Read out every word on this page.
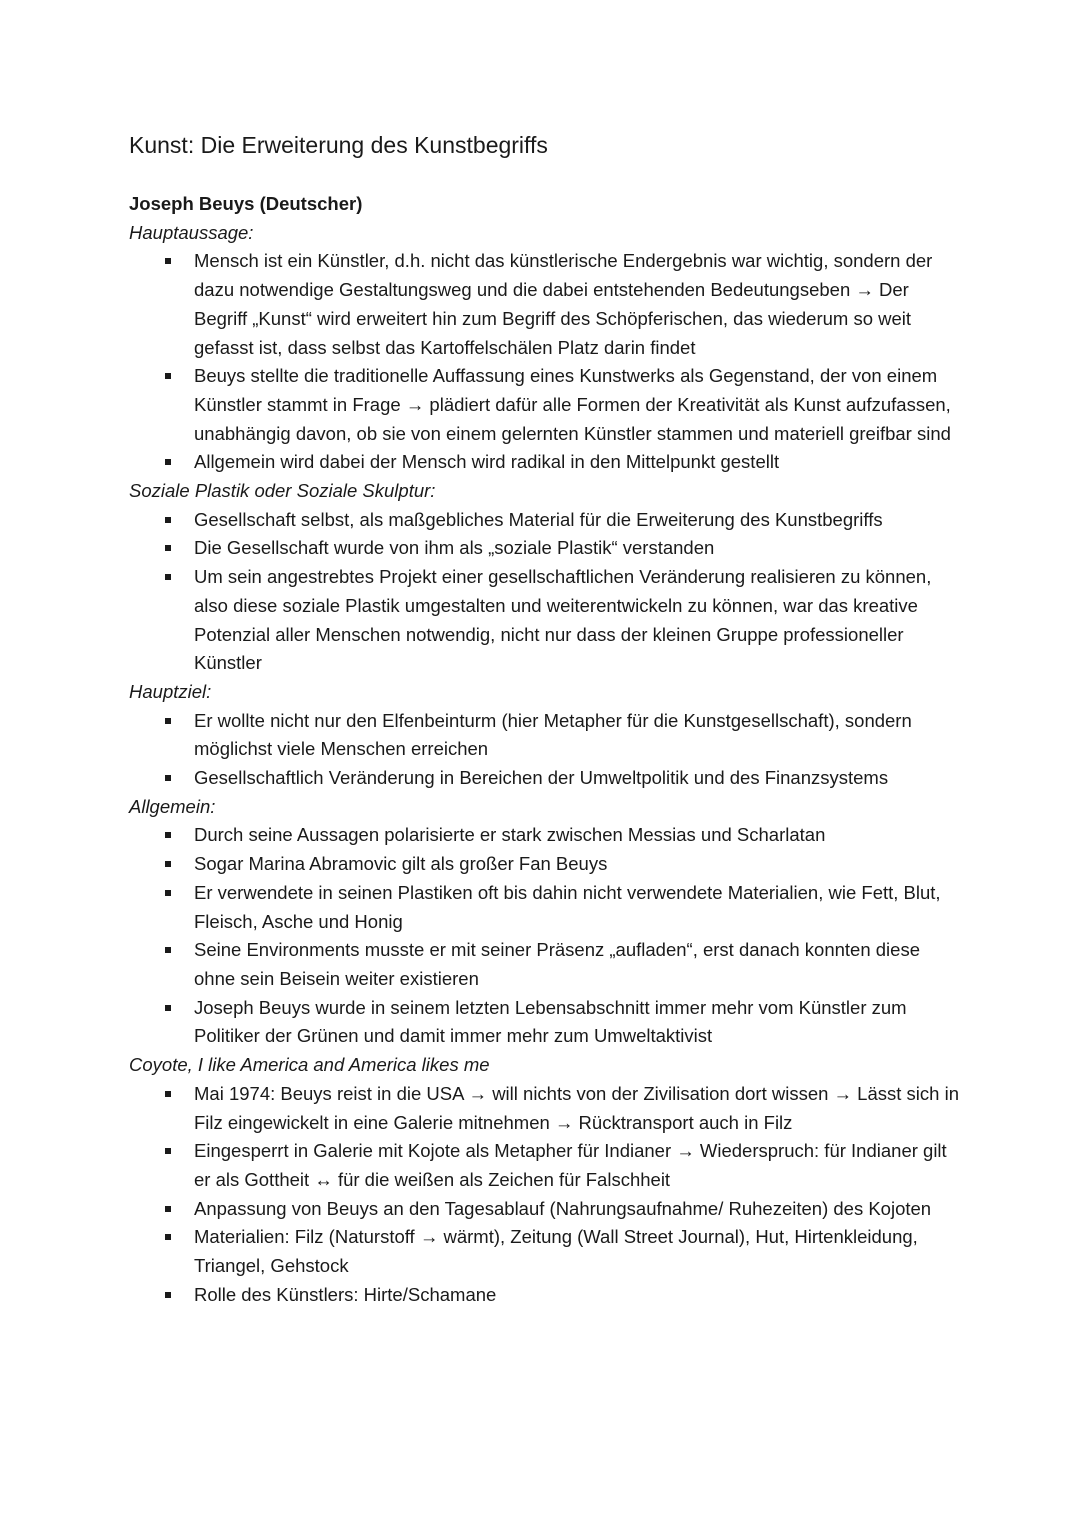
Kunst: Die Erweiterung des Kunstbegriffs

Joseph Beuys (Deutscher)

Hauptaussage:

Mensch ist ein Künstler, d.h. nicht das künstlerische Endergebnis war wichtig, sondern der dazu notwendige Gestaltungsweg und die dabei entstehenden Bedeutungseben → Der Begriff „Kunst“ wird erweitert hin zum Begriff des Schöpferischen, das wiederum so weit gefasst ist, dass selbst das Kartoffelschälen Platz darin findet
Beuys stellte die traditionelle Auffassung eines Kunstwerks als Gegenstand, der von einem Künstler stammt in Frage → plädiert dafür alle Formen der Kreativität als Kunst aufzufassen, unabhängig davon, ob sie von einem gelernten Künstler stammen und materiell greifbar sind
Allgemein wird dabei der Mensch wird radikal in den Mittelpunkt gestellt

Soziale Plastik oder Soziale Skulptur:

Gesellschaft selbst, als maßgebliches Material für die Erweiterung des Kunstbegriffs
Die Gesellschaft wurde von ihm als „soziale Plastik“ verstanden
Um sein angestrebtes Projekt einer gesellschaftlichen Veränderung realisieren zu können, also diese soziale Plastik umgestalten und weiterentwickeln zu können, war das kreative Potenzial aller Menschen notwendig, nicht nur dass der kleinen Gruppe professioneller Künstler

Hauptziel:

Er wollte nicht nur den Elfenbeinturm (hier Metapher für die Kunstgesellschaft), sondern möglichst viele Menschen erreichen
Gesellschaftlich Veränderung in Bereichen der Umweltpolitik und des Finanzsystems

Allgemein:

Durch seine Aussagen polarisierte er stark zwischen Messias und Scharlatan
Sogar Marina Abramovic gilt als großer Fan Beuys
Er verwendete in seinen Plastiken oft bis dahin nicht verwendete Materialien, wie Fett, Blut, Fleisch, Asche und Honig
Seine Environments musste er mit seiner Präsenz „aufladen“, erst danach konnten diese ohne sein Beisein weiter existieren
Joseph Beuys wurde in seinem letzten Lebensabschnitt immer mehr vom Künstler zum Politiker der Grünen und damit immer mehr zum Umweltaktivist

Coyote, I like America and America likes me

Mai 1974: Beuys reist in die USA → will nichts von der Zivilisation dort wissen → Lässt sich in Filz eingewickelt in eine Galerie mitnehmen → Rücktransport auch in Filz
Eingesperrt in Galerie mit Kojote als Metapher für Indianer → Wiederspruch: für Indianer gilt er als Gottheit ↔ für die weißen als Zeichen für Falschheit
Anpassung von Beuys an den Tagesablauf (Nahrungsaufnahme/ Ruhezeiten) des Kojoten
Materialien: Filz (Naturstoff → wärmt), Zeitung (Wall Street Journal), Hut, Hirtenkleidung, Triangel, Gehstock
Rolle des Künstlers: Hirte/Schamane
